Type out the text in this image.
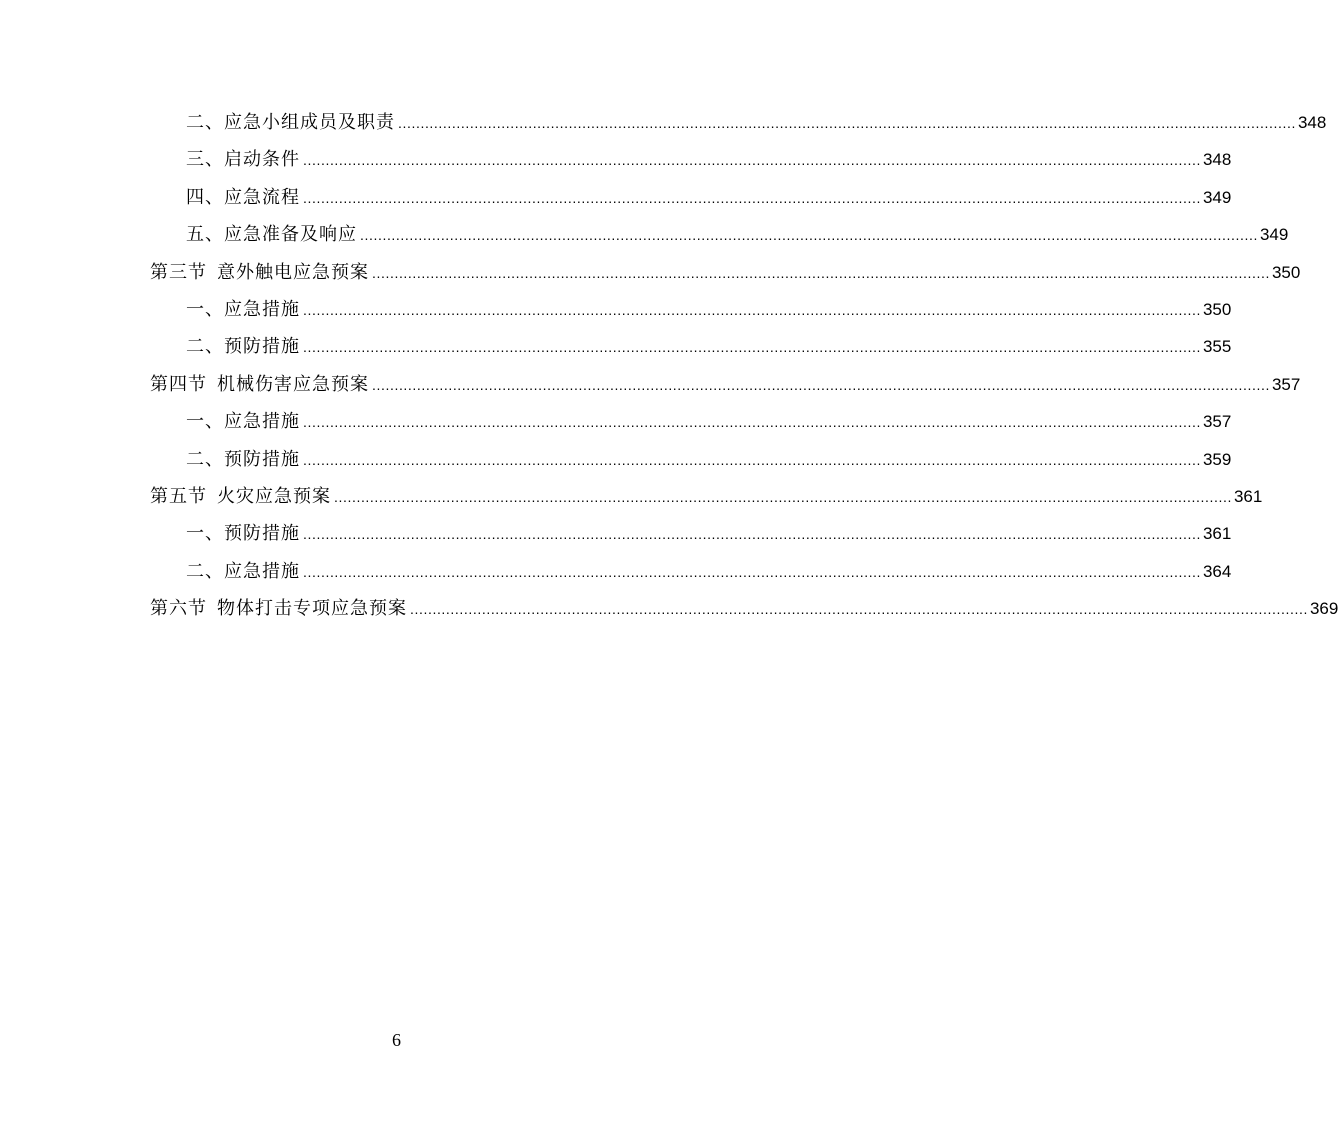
二、应急小组成员及职责 ........................................................................................................................................................................................................ 348
三、启动条件 ........................................................................................................................................................................................................ 348
四、应急流程 ........................................................................................................................................................................................................ 349
五、应急准备及响应 ........................................................................................................................................................................................................ 349
第三节 意外触电应急预案 ........................................................................................................................................................................................................ 350
一、应急措施 ........................................................................................................................................................................................................ 350
二、预防措施 ........................................................................................................................................................................................................ 355
第四节 机械伤害应急预案 ........................................................................................................................................................................................................ 357
一、应急措施 ........................................................................................................................................................................................................ 357
二、预防措施 ........................................................................................................................................................................................................ 359
第五节 火灾应急预案 ........................................................................................................................................................................................................ 361
一、预防措施 ........................................................................................................................................................................................................ 361
二、应急措施 ........................................................................................................................................................................................................ 364
第六节 物体打击专项应急预案 ........................................................................................................................................................................................................ 369
6
